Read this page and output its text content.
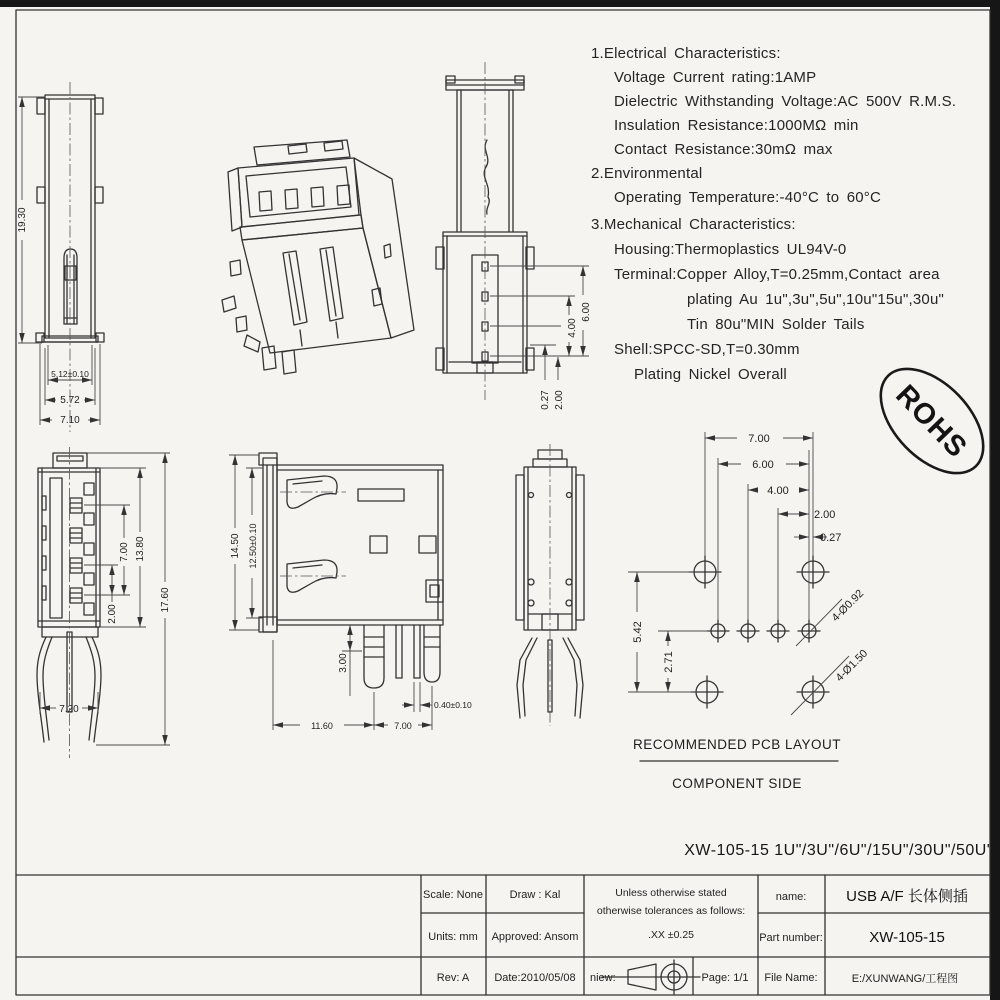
19.30
5.12±0.10
5.72
7.10
6.00
4.00
0.27 2.00
1.Electrical Characteristics:
Voltage Current rating:1AMP
Dielectric Withstanding Voltage:AC 500V R.M.S.
Insulation Resistance:1000MΩ min
Contact Resistance:30mΩ max
2.Environmental
Operating Temperature:-40°C to 60°C
3.Mechanical Characteristics:
Housing:Thermoplastics UL94V-0
Terminal:Copper Alloy,T=0.25mm,Contact area
plating Au 1u",3u",5u",10u"15u",30u"
Tin 80u"MIN Solder Tails
Shell:SPCC-SD,T=0.30mm
Plating Nickel Overall
ROHS
2.00
7.00 13.80
17.60
7.20
14.50 12.50±0.10
3.00
11.60	7.00
0.40±0.10
7.00
6.00
4.00
2.00
0.27
5.42
2.71
4-Ø0.92
4-Ø1.50
RECOMMENDED PCB LAYOUT
COMPONENT SIDE
XW-105-15 1U"/3U"/6U"/15U"/30U"/50U"
Scale: None Draw : Kal
Units: mm Approved: Ansom
Rev: A Date:2010/05/08
Unless otherwise stated
otherwise tolerances as follows:
.XX ±0.25
name:	USB A/F 长体侧插
Part number:	XW-105-15
niew:	Page: 1/1 File Name:	E:/XUNWANG/工程图
